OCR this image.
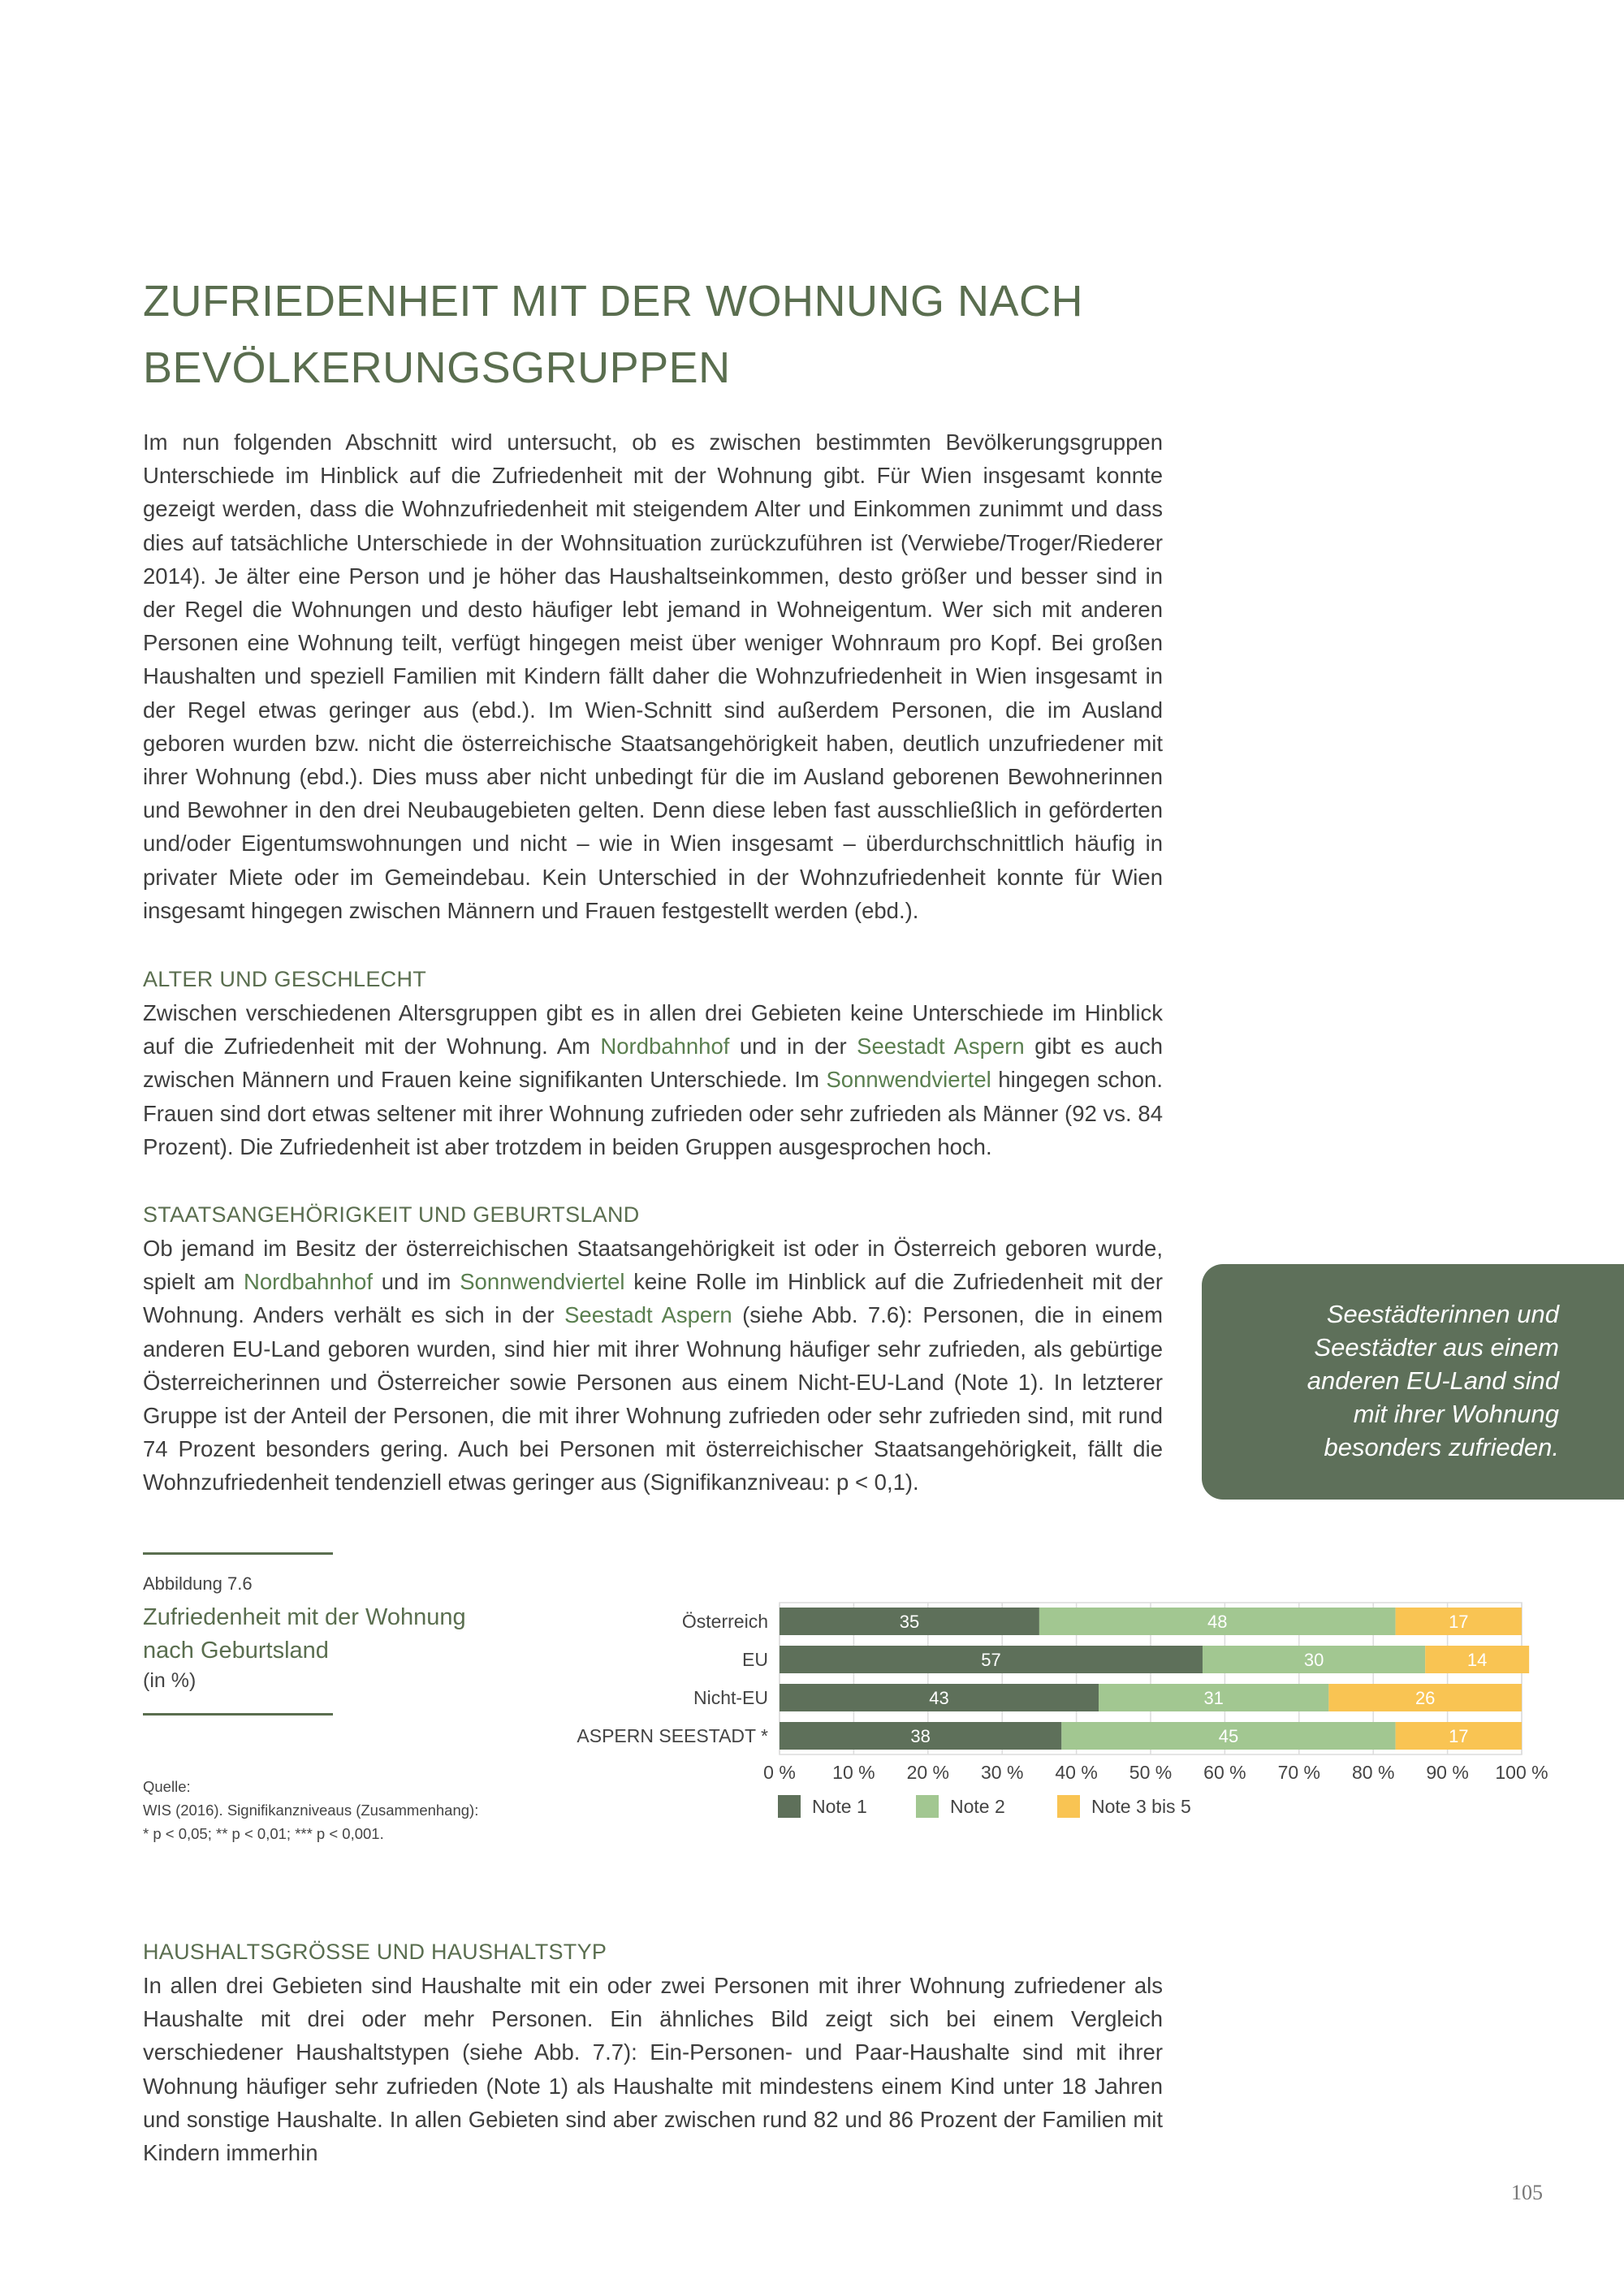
ZUFRIEDENHEIT MIT DER WOHNUNG NACH
BEVÖLKERUNGSGRUPPEN

Im nun folgenden Abschnitt wird untersucht, ob es zwischen bestimmten Bevölkerungsgruppen Unterschiede im Hinblick auf die Zufriedenheit mit der Wohnung gibt. Für Wien insgesamt konnte gezeigt werden, dass die Wohnzufriedenheit mit steigendem Alter und Einkommen zunimmt und dass dies auf tatsächliche Unterschiede in der Wohnsituation zurückzuführen ist (Verwiebe/Troger/Riederer 2014). Je älter eine Person und je höher das Haushaltseinkommen, desto größer und besser sind in der Regel die Wohnungen und desto häufiger lebt jemand in Wohneigentum. Wer sich mit anderen Personen eine Wohnung teilt, verfügt hingegen meist über weniger Wohnraum pro Kopf. Bei großen Haushalten und speziell Familien mit Kindern fällt daher die Wohnzufriedenheit in Wien insgesamt in der Regel etwas geringer aus (ebd.). Im Wien-Schnitt sind außerdem Personen, die im Ausland geboren wurden bzw. nicht die österreichische Staatsangehörigkeit haben, deutlich unzufriedener mit ihrer Wohnung (ebd.). Dies muss aber nicht unbedingt für die im Ausland geborenen Bewohnerinnen und Bewohner in den drei Neubaugebieten gelten. Denn diese leben fast ausschließlich in geförderten und/oder Eigentumswohnungen und nicht – wie in Wien insgesamt – überdurchschnittlich häufig in privater Miete oder im Gemeindebau. Kein Unterschied in der Wohnzufriedenheit konnte für Wien insgesamt hingegen zwischen Männern und Frauen festgestellt werden (ebd.).

ALTER UND GESCHLECHT

Zwischen verschiedenen Altersgruppen gibt es in allen drei Gebieten keine Unterschiede im Hinblick auf die Zufriedenheit mit der Wohnung. Am Nordbahnhof und in der Seestadt Aspern gibt es auch zwischen Männern und Frauen keine signifikanten Unterschiede. Im Sonnwendviertel hingegen schon. Frauen sind dort etwas seltener mit ihrer Wohnung zufrieden oder sehr zufrieden als Männer (92 vs. 84 Prozent). Die Zufriedenheit ist aber trotzdem in beiden Gruppen ausgesprochen hoch.

STAATSANGEHÖRIGKEIT UND GEBURTSLAND

Ob jemand im Besitz der österreichischen Staatsangehörigkeit ist oder in Österreich geboren wurde, spielt am Nordbahnhof und im Sonnwendviertel keine Rolle im Hinblick auf die Zufriedenheit mit der Wohnung. Anders verhält es sich in der Seestadt Aspern (siehe Abb. 7.6): Personen, die in einem anderen EU-Land geboren wurden, sind hier mit ihrer Wohnung häufiger sehr zufrieden, als gebürtige Österreicherinnen und Österreicher sowie Personen aus einem Nicht-EU-Land (Note 1). In letzterer Gruppe ist der Anteil der Personen, die mit ihrer Wohnung zufrieden oder sehr zufrieden sind, mit rund 74 Prozent besonders gering. Auch bei Personen mit österreichischer Staatsangehörigkeit, fällt die Wohnzufriedenheit tendenziell etwas geringer aus (Signifikanzniveau: p < 0,1).

Seestädterinnen und Seestädter aus einem anderen EU-Land sind mit ihrer Wohnung besonders zufrieden.
Abbildung 7.6
Zufriedenheit mit der Wohnung nach Geburtsland
(in %)
Quelle:
WIS (2016). Signifikanzniveaus (Zusammenhang):
* p < 0,05; ** p < 0,01; *** p < 0,001.
Österreich
EU
Nicht-EU
ASPERN SEESTADT *
35	48	17
57	30	14
43	31	26
38	45	17
0 % 10 % 20 % 30 % 40 % 50 % 60 % 70 % 80 % 90 % 100 %
Note 1	Note 2	Note 3 bis 5

HAUSHALTSGRÖSSE UND HAUSHALTSTYP

In allen drei Gebieten sind Haushalte mit ein oder zwei Personen mit ihrer Wohnung zufriedener als Haushalte mit drei oder mehr Personen. Ein ähnliches Bild zeigt sich bei einem Vergleich verschiedener Haushaltstypen (siehe Abb. 7.7): Ein-Personen- und Paar-Haushalte sind mit ihrer Wohnung häufiger sehr zufrieden (Note 1) als Haushalte mit mindestens einem Kind unter 18 Jahren und sonstige Haushalte. In allen Gebieten sind aber zwischen rund 82 und 86 Prozent der Familien mit Kindern immerhin

105
